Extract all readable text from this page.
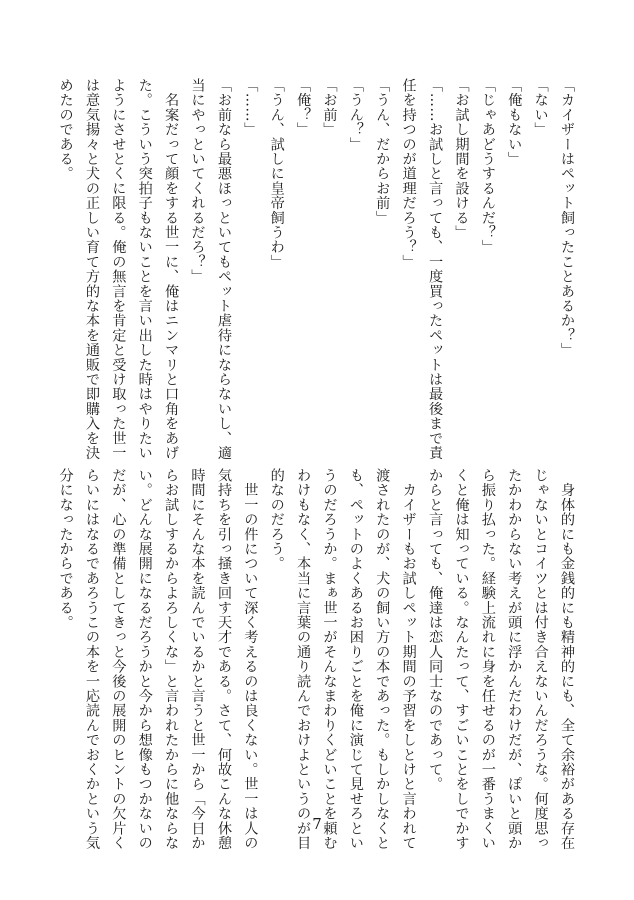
「カイザーはペット飼ったことあるか？」
「ない」
「俺もない」
「じゃあどうするんだ？」
「お試し期間を設ける」
「……お試しと言っても、一度買ったペットは最後まで責
任を持つのが道理だろう？」
「うん、だからお前」
「うん？」
「お前」
「俺？」
「うん、試しに皇帝飼うわ」
「……」
「お前なら最悪ほっといてもペット虐待にならないし、適
当にやっといてくれるだろ？」
　名案だって顔をする世一に、俺はニンマリと口角をあげ
た。こういう突拍子もないことを言い出した時はやりたい
ようにさせとくに限る。俺の無言を肯定と受け取った世一
は意気揚々と犬の正しい育て方的な本を通販で即購入を決
めたのである。
　身体的にも金銭的にも精神的にも、全て余裕がある存在
じゃないとコイツとは付き合えないんだろうな。何度思っ
たかわからない考えが頭に浮かんだわけだが、ぽいと頭か
ら振り払った。経験上流れに身を任せるのが一番うまくい
くと俺は知っている。なんたって、すごいことをしでかす
からと言っても、俺達は恋人同士なのであって。
　カイザーもお試しペット期間の予習をしとけと言われて
渡されたのが、犬の飼い方の本であった。もしかしなくと
も、ペットのよくあるお困りごとを俺に演じて見せろとい
うのだろうか。まぁ世一がそんなまわりくどいことを頼む
わけもなく、本当に言葉の通り読んでおけよというのが目
的なのだろう。
　世一の件について深く考えるのは良くない。世一は人の
気持ちを引っ掻き回す天才である。さて、何故こんな休憩
時間にそんな本を読んでいるかと言うと世一から「今日か
らお試しするからよろしくな」と言われたからに他ならな
い。どんな展開になるだろうかと今から想像もつかないの
だが、心の準備としてきっと今後の展開のヒントの欠片く
らいにはなるであろうこの本を一応読んでおくかという気
分になったからである。
7
